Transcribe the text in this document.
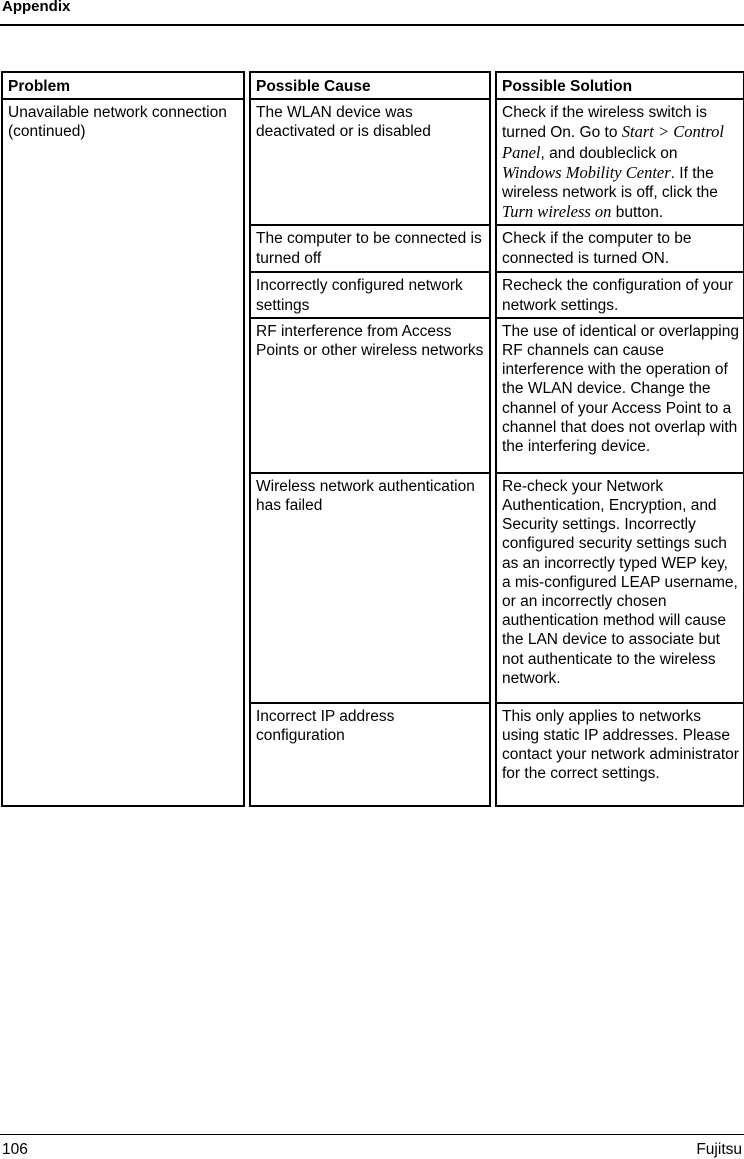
Appendix
Problem		Possible Cause		Possible Solution
Unavailable network connection (continued)		The WLAN device was deactivated or is disabled		Check if the wireless switch is turned On. Go to Start > Control Panel, and doubleclick on Windows Mobility Center. If the wireless network is off, click the Turn wireless on button.
		The computer to be connected is turned off		Check if the computer to be connected is turned ON.
		Incorrectly configured network settings		Recheck the configuration of your network settings.
		RF interference from Access Points or other wireless networks		The use of identical or overlapping RF channels can cause interference with the operation of the WLAN device. Change the channel of your Access Point to a channel that does not overlap with the interfering device.
		Wireless network authentication has failed		Re-check your Network Authentication, Encryption, and Security settings. Incorrectly configured security settings such as an incorrectly typed WEP key, a mis-configured LEAP username, or an incorrectly chosen authentication method will cause the LAN device to associate but not authenticate to the wireless network.
		Incorrect IP address configuration		This only applies to networks using static IP addresses. Please contact your network administrator for the correct settings.
106	Fujitsu
